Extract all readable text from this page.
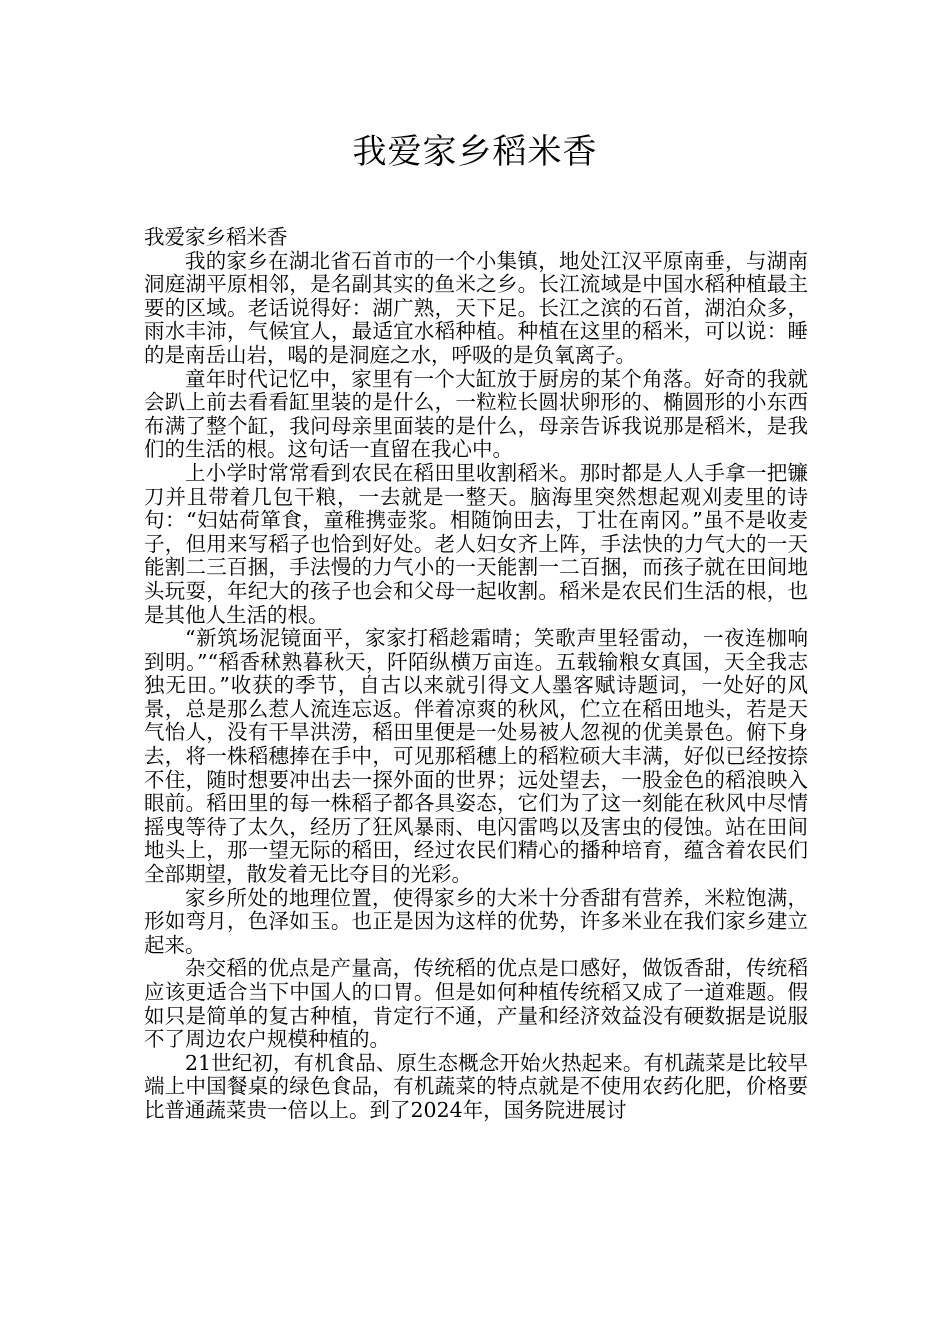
我爱家乡稻米香

我爱家乡稻米香

我的家乡在湖北省石首市的一个小集镇，地处江汉平原南垂，与湖南洞庭湖平原相邻，是名副其实的鱼米之乡。长江流域是中国水稻种植最主要的区域。老话说得好：湖广熟，天下足。长江之滨的石首，湖泊众多，雨水丰沛，气候宜人，最适宜水稻种植。种植在这里的稻米，可以说：睡的是南岳山岩，喝的是洞庭之水，呼吸的是负氧离子。

童年时代记忆中，家里有一个大缸放于厨房的某个角落。好奇的我就会趴上前去看看缸里装的是什么，一粒粒长圆状卵形的、椭圆形的小东西布满了整个缸，我问母亲里面装的是什么，母亲告诉我说那是稻米，是我们的生活的根。这句话一直留在我心中。

上小学时常常看到农民在稻田里收割稻米。那时都是人人手拿一把镰刀并且带着几包干粮，一去就是一整天。脑海里突然想起观刈麦里的诗句：“妇姑荷箪食，童稚携壶浆。相随饷田去，丁壮在南冈。”虽不是收麦子，但用来写稻子也恰到好处。老人妇女齐上阵，手法快的力气大的一天能割二三百捆，手法慢的力气小的一天能割一二百捆，而孩子就在田间地头玩耍，年纪大的孩子也会和父母一起收割。稻米是农民们生活的根，也是其他人生活的根。

“新筑场泥镜面平，家家打稻趁霜晴；笑歌声里轻雷动，一夜连枷响到明。”“稻香秫熟暮秋天，阡陌纵横万亩连。五载输粮女真国，天全我志独无田。”收获的季节，自古以来就引得文人墨客赋诗题词，一处好的风景，总是那么惹人流连忘返。伴着凉爽的秋风，伫立在稻田地头，若是天气怡人，没有干旱洪涝，稻田里便是一处易被人忽视的优美景色。俯下身去，将一株稻穗捧在手中，可见那稻穗上的稻粒硕大丰满，好似已经按捺不住，随时想要冲出去一探外面的世界；远处望去，一股金色的稻浪映入眼前。稻田里的每一株稻子都各具姿态，它们为了这一刻能在秋风中尽情摇曳等待了太久，经历了狂风暴雨、电闪雷鸣以及害虫的侵蚀。站在田间地头上，那一望无际的稻田，经过农民们精心的播种培育，蕴含着农民们全部期望，散发着无比夺目的光彩。

家乡所处的地理位置，使得家乡的大米十分香甜有营养，米粒饱满，形如弯月，色泽如玉。也正是因为这样的优势，许多米业在我们家乡建立起来。

杂交稻的优点是产量高，传统稻的优点是口感好，做饭香甜，传统稻应该更适合当下中国人的口胃。但是如何种植传统稻又成了一道难题。假如只是简单的复古种植，肯定行不通，产量和经济效益没有硬数据是说服不了周边农户规模种植的。

21世纪初，有机食品、原生态概念开始火热起来。有机蔬菜是比较早端上中国餐桌的绿色食品，有机蔬菜的特点就是不使用农药化肥，价格要比普通蔬菜贵一倍以上。到了2024年，国务院进展讨
